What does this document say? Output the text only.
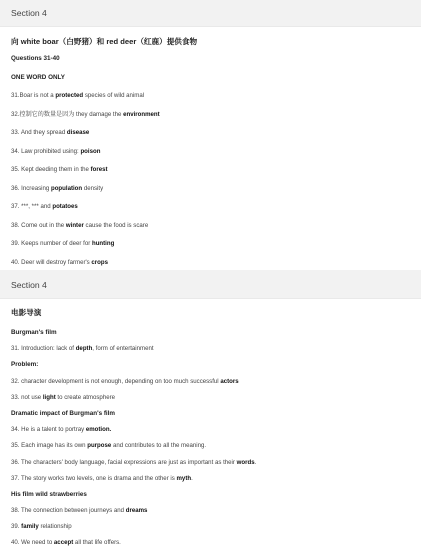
Section 4
向 white boar（白野猪）和 red deer（红鹿）提供食物
Questions 31-40
ONE WORD ONLY
31.Boar is not a protected species of wild animal
32.控制它的数量是因为 they damage the environment
33. And they spread disease
34. Law prohibited using: poison
35. Kept deeding them in the forest
36. Increasing population density
37. ***, *** and potatoes
38. Come out in the winter cause the food is scare
39. Keeps number of deer for hunting
40. Deer will destroy farmer's crops
Section 4
电影导演
Burgman's film
31. Introduction: lack of depth, form of entertainment
Problem:
32. character development is not enough, depending on too much successful actors
33. not use light to create atmosphere
Dramatic impact of Burgman's film
34. He is a talent to portray emotion.
35. Each image has its own purpose and contributes to all the meaning.
36. The characters' body language, facial expressions are just as important as their words.
37. The story works two levels, one is drama and the other is myth.
His film wild strawberries
38. The connection between journeys and dreams
39. family relationship
40. We need to accept all that life offers.
